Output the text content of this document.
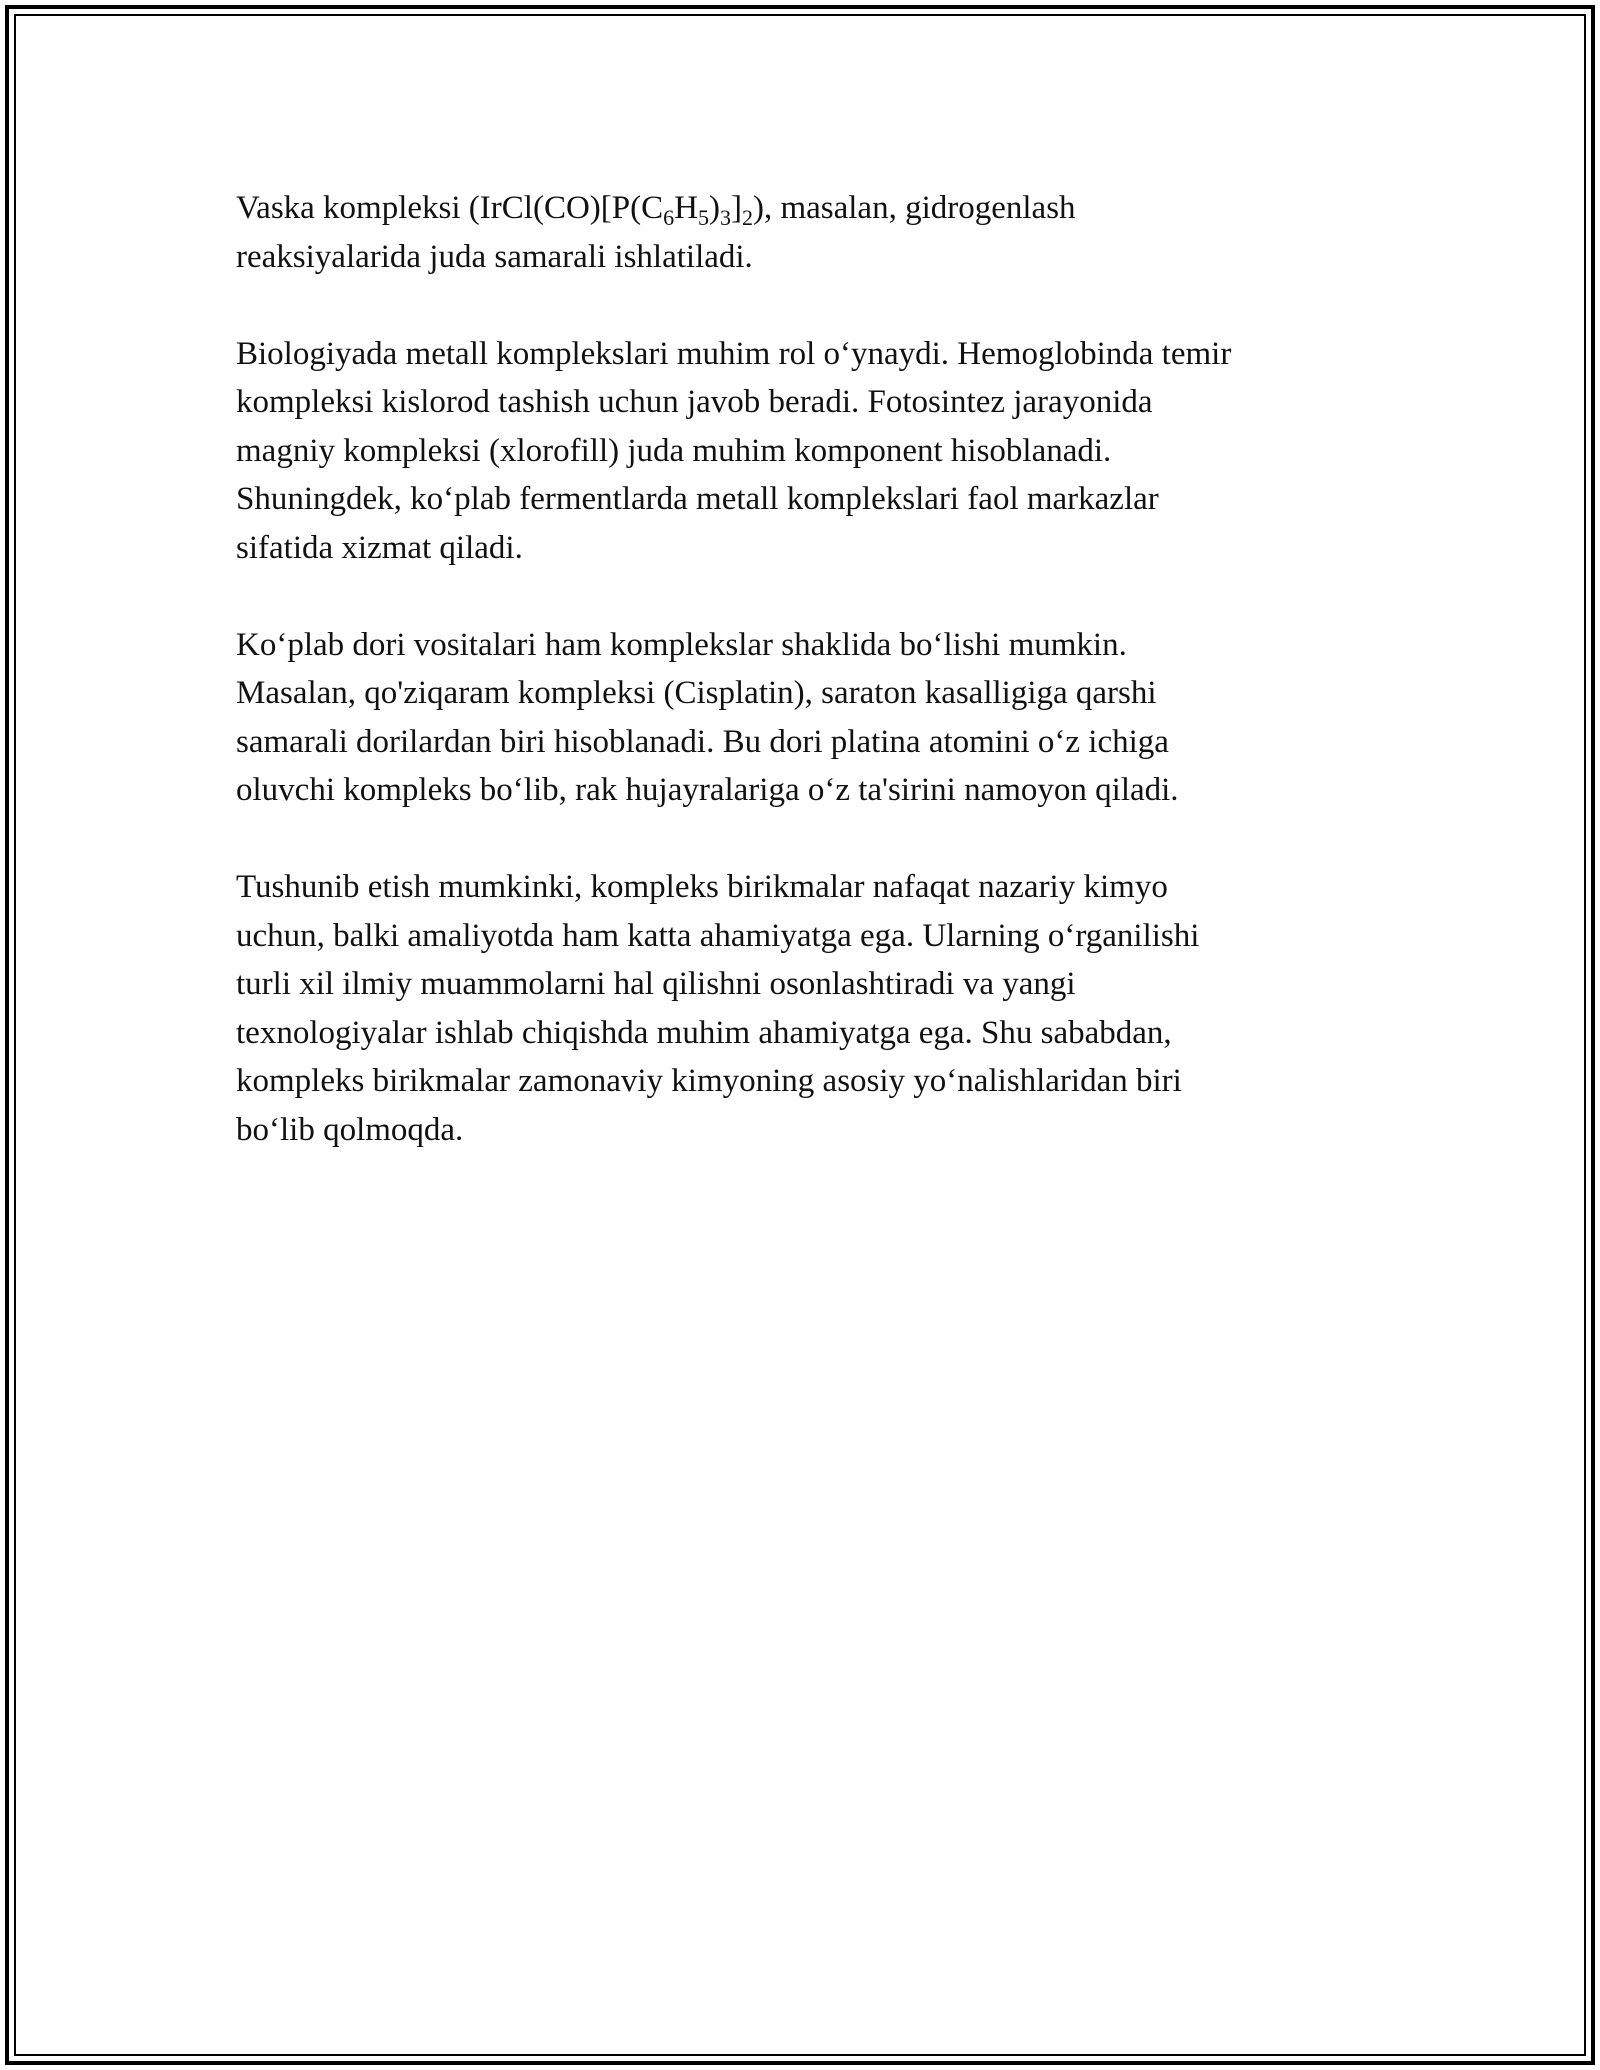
Vaska kompleksi $(IrCl(CO)[P(C_6H_5)_3]_2)$, masalan, gidrogenlash
reaksiyalarida juda samarali ishlatiladi.

Biologiyada metall komplekslari muhim rol oʻynaydi. Hemoglobinda temir
kompleksi kislorod tashish uchun javob beradi. Fotosintez jarayonida
magniy kompleksi (xlorofill) juda muhim komponent hisoblanadi.
Shuningdek, koʻplab fermentlarda metall komplekslari faol markazlar
sifatida xizmat qiladi.

Koʻplab dori vositalari ham komplekslar shaklida boʻlishi mumkin.
Masalan, qo'ziqaram kompleksi (Cisplatin), saraton kasalligiga qarshi
samarali dorilardan biri hisoblanadi. Bu dori platina atomini oʻz ichiga
oluvchi kompleks boʻlib, rak hujayralariga oʻz ta'sirini namoyon qiladi.

Tushunib etish mumkinki, kompleks birikmalar nafaqat nazariy kimyo
uchun, balki amaliyotda ham katta ahamiyatga ega. Ularning oʻrganilishi
turli xil ilmiy muammolarni hal qilishni osonlashtiradi va yangi
texnologiyalar ishlab chiqishda muhim ahamiyatga ega. Shu sababdan,
kompleks birikmalar zamonaviy kimyoning asosiy yoʻnalishlaridan biri
boʻlib qolmoqda.
